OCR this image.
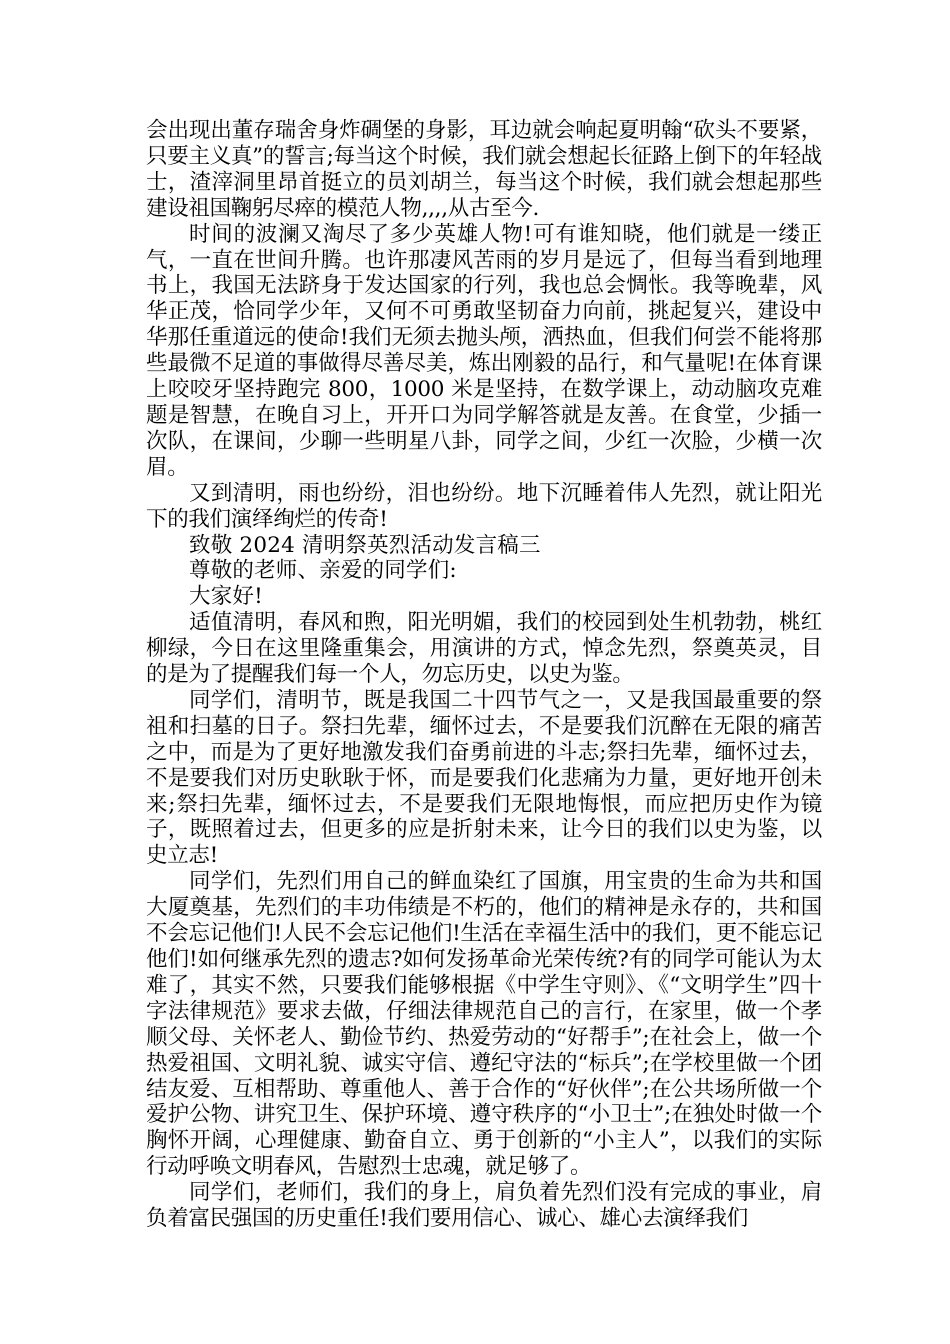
会出现出董存瑞舍身炸碉堡的身影，耳边就会响起夏明翰“砍头不要紧，只要主义真”的誓言;每当这个时候，我们就会想起长征路上倒下的年轻战士，渣滓洞里昂首挺立的员刘胡兰，每当这个时候，我们就会想起那些建设祖国鞠躬尽瘁的模范人物,,,,从古至今.

时间的波澜又淘尽了多少英雄人物!可有谁知晓，他们就是一缕正气，一直在世间升腾。也许那凄风苦雨的岁月是远了，但每当看到地理书上，我国无法跻身于发达国家的行列，我也总会惆怅。我等晚辈，风华正茂，恰同学少年，又何不可勇敢坚韧奋力向前，挑起复兴，建设中华那任重道远的使命!我们无须去抛头颅，洒热血，但我们何尝不能将那些最微不足道的事做得尽善尽美，炼出刚毅的品行，和气量呢!在体育课上咬咬牙坚持跑完 800，1000 米是坚持，在数学课上，动动脑攻克难题是智慧，在晚自习上，开开口为同学解答就是友善。在食堂，少插一次队，在课间，少聊一些明星八卦，同学之间，少红一次脸，少横一次眉。

又到清明，雨也纷纷，泪也纷纷。地下沉睡着伟人先烈，就让阳光下的我们演绎绚烂的传奇!

致敬 2024 清明祭英烈活动发言稿三

尊敬的老师、亲爱的同学们:

大家好!

适值清明，春风和煦，阳光明媚，我们的校园到处生机勃勃，桃红柳绿，今日在这里隆重集会，用演讲的方式，悼念先烈，祭奠英灵，目的是为了提醒我们每一个人，勿忘历史，以史为鉴。

同学们，清明节，既是我国二十四节气之一，又是我国最重要的祭祖和扫墓的日子。祭扫先辈，缅怀过去，不是要我们沉醉在无限的痛苦之中，而是为了更好地激发我们奋勇前进的斗志;祭扫先辈，缅怀过去，不是要我们对历史耿耿于怀，而是要我们化悲痛为力量，更好地开创未来;祭扫先辈，缅怀过去，不是要我们无限地悔恨，而应把历史作为镜子，既照着过去，但更多的应是折射未来，让今日的我们以史为鉴，以史立志!

同学们，先烈们用自己的鲜血染红了国旗，用宝贵的生命为共和国大厦奠基，先烈们的丰功伟绩是不朽的，他们的精神是永存的，共和国不会忘记他们!人民不会忘记他们!生活在幸福生活中的我们，更不能忘记他们!如何继承先烈的遗志?如何发扬革命光荣传统?有的同学可能认为太难了，其实不然，只要我们能够根据《中学生守则》、《“文明学生”四十字法律规范》要求去做，仔细法律规范自己的言行，在家里，做一个孝顺父母、关怀老人、勤俭节约、热爱劳动的“好帮手”;在社会上，做一个热爱祖国、文明礼貌、诚实守信、遵纪守法的“标兵”;在学校里做一个团结友爱、互相帮助、尊重他人、善于合作的“好伙伴”;在公共场所做一个爱护公物、讲究卫生、保护环境、遵守秩序的“小卫士”;在独处时做一个胸怀开阔，心理健康、勤奋自立、勇于创新的“小主人”，以我们的实际行动呼唤文明春风，告慰烈士忠魂，就足够了。

同学们，老师们，我们的身上，肩负着先烈们没有完成的事业，肩负着富民强国的历史重任!我们要用信心、诚心、雄心去演绎我们
